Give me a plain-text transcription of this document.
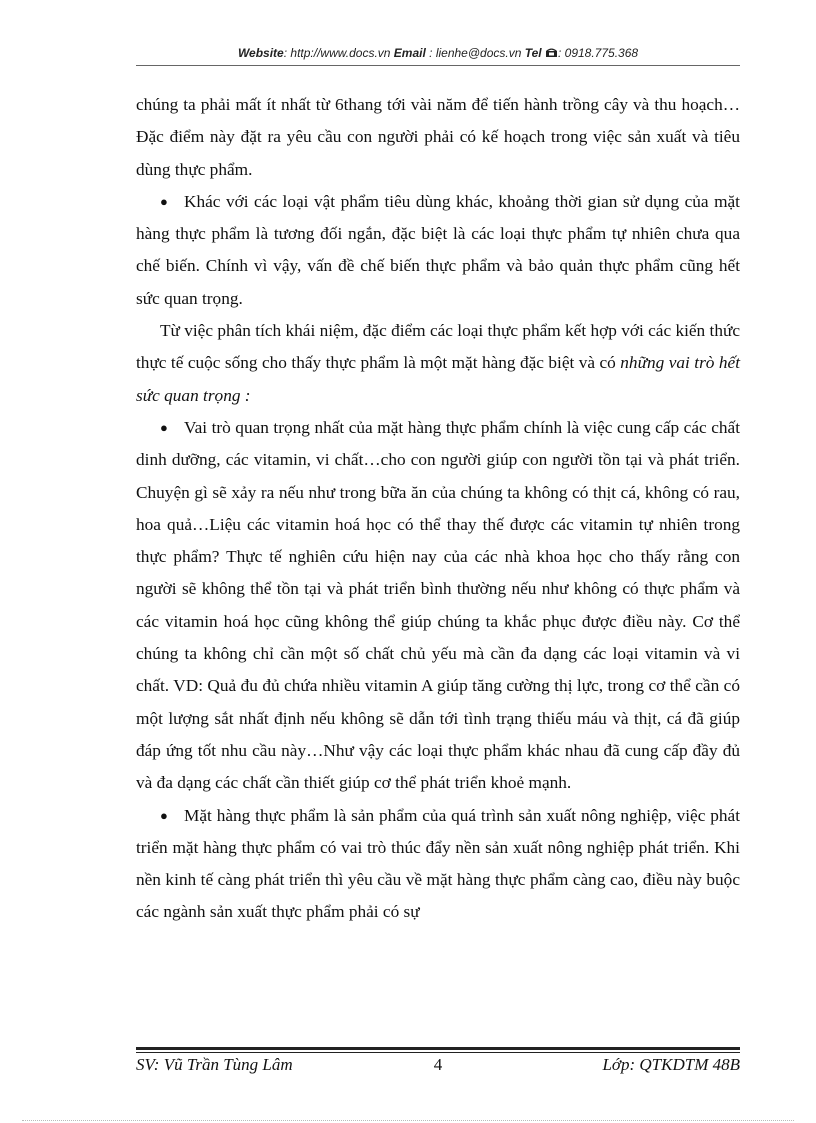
Website: http://www.docs.vn Email : lienhe@docs.vn Tel : 0918.775.368

chúng ta phải mất ít nhất từ 6thang tới vài năm để tiến hành trồng cây và thu hoạch… Đặc điểm này đặt ra yêu cầu con người phải có kế hoạch trong việc sản xuất và tiêu dùng thực phẩm.

● Khác với các loại vật phẩm tiêu dùng khác, khoảng thời gian sử dụng của mặt hàng thực phẩm là tương đối ngắn, đặc biệt là các loại thực phẩm tự nhiên chưa qua chế biến. Chính vì vậy, vấn đề chế biến thực phẩm và bảo quản thực phẩm cũng hết sức quan trọng.

Từ việc phân tích khái niệm, đặc điểm các loại thực phẩm kết hợp với các kiến thức thực tế cuộc sống cho thấy thực phẩm là một mặt hàng đặc biệt và có những vai trò hết sức quan trọng :

● Vai trò quan trọng nhất của mặt hàng thực phẩm chính là việc cung cấp các chất dinh dưỡng, các vitamin, vi chất…cho con người giúp con người tồn tại và phát triển. Chuyện gì sẽ xảy ra nếu như trong bữa ăn của chúng ta không có thịt cá, không có rau, hoa quả…Liệu các vitamin hoá học có thể thay thế được các vitamin tự nhiên trong thực phẩm? Thực tế nghiên cứu hiện nay của các nhà khoa học cho thấy rằng con người sẽ không thể tồn tại và phát triển bình thường nếu như không có thực phẩm và các vitamin hoá học cũng không thể giúp chúng ta khắc phục được điều này. Cơ thể chúng ta không chỉ cần một số chất chủ yếu mà cần đa dạng các loại vitamin và vi chất. VD: Quả đu đủ chứa nhiều vitamin A giúp tăng cường thị lực, trong cơ thể cần có một lượng sắt nhất định nếu không sẽ dẫn tới tình trạng thiếu máu và thịt, cá đã giúp đáp ứng tốt nhu cầu này…Như vậy các loại thực phẩm khác nhau đã cung cấp đầy đủ và đa dạng các chất cần thiết giúp cơ thể phát triển khoẻ mạnh.

● Mặt hàng thực phẩm là sản phẩm của quá trình sản xuất nông nghiệp, việc phát triển mặt hàng thực phẩm có vai trò thúc đẩy nền sản xuất nông nghiệp phát triển. Khi nền kinh tế càng phát triển thì yêu cầu về mặt hàng thực phẩm càng cao, điều này buộc các ngành sản xuất thực phẩm phải có sự

SV: Vũ Trần Tùng Lâm	4	Lớp: QTKDTM 48B
